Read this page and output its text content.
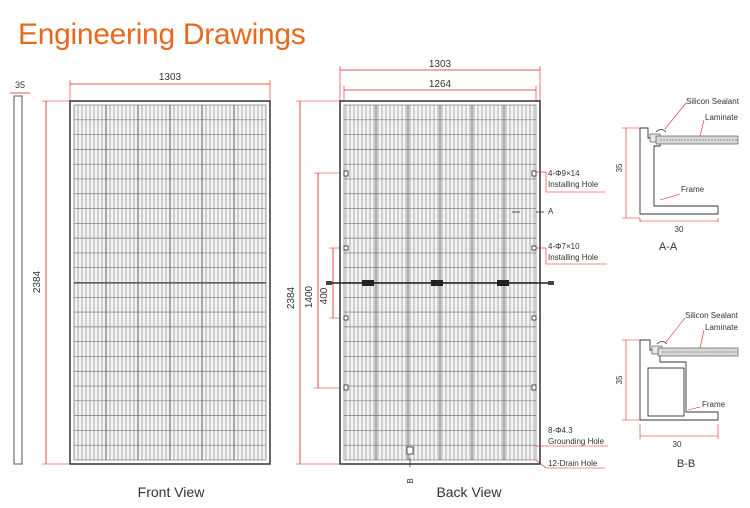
Engineering Drawings
35
1303
2384
Front View
1303
1264
2384 1400 400
A
B
4-Φ9×14
Installing Hole
4-Φ7×10
Installing Hole
8-Φ4.3
Grounding Hole
12-Drain Hole
Back View
35
Silicon Sealant
Laminate
Frame
30
A-A
35
Silicon Sealant
Laminate
Frame
30
B-B
